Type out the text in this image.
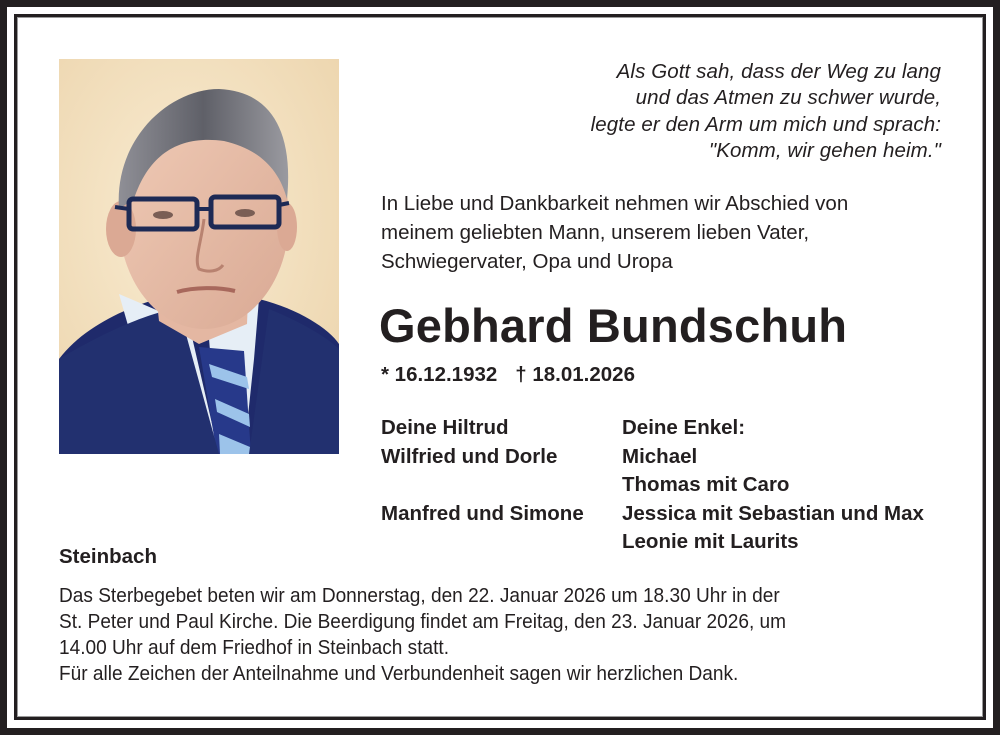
Als Gott sah, dass der Weg zu lang
und das Atmen zu schwer wurde,
legte er den Arm um mich und sprach:
"Komm, wir gehen heim."
In Liebe und Dankbarkeit nehmen wir Abschied von
meinem geliebten Mann, unserem lieben Vater,
Schwiegervater, Opa und Uropa
Gebhard Bundschuh
* 16.12.1932 † 18.01.2026
Deine Hiltrud
Wilfried und Dorle
Manfred und Simone
Deine Enkel:
Michael
Thomas mit Caro
Jessica mit Sebastian und Max
Leonie mit Laurits
Steinbach
Das Sterbegebet beten wir am Donnerstag, den 22. Januar 2026 um 18.30 Uhr in der
St. Peter und Paul Kirche. Die Beerdigung findet am Freitag, den 23. Januar 2026, um
14.00 Uhr auf dem Friedhof in Steinbach statt.
Für alle Zeichen der Anteilnahme und Verbundenheit sagen wir herzlichen Dank.
